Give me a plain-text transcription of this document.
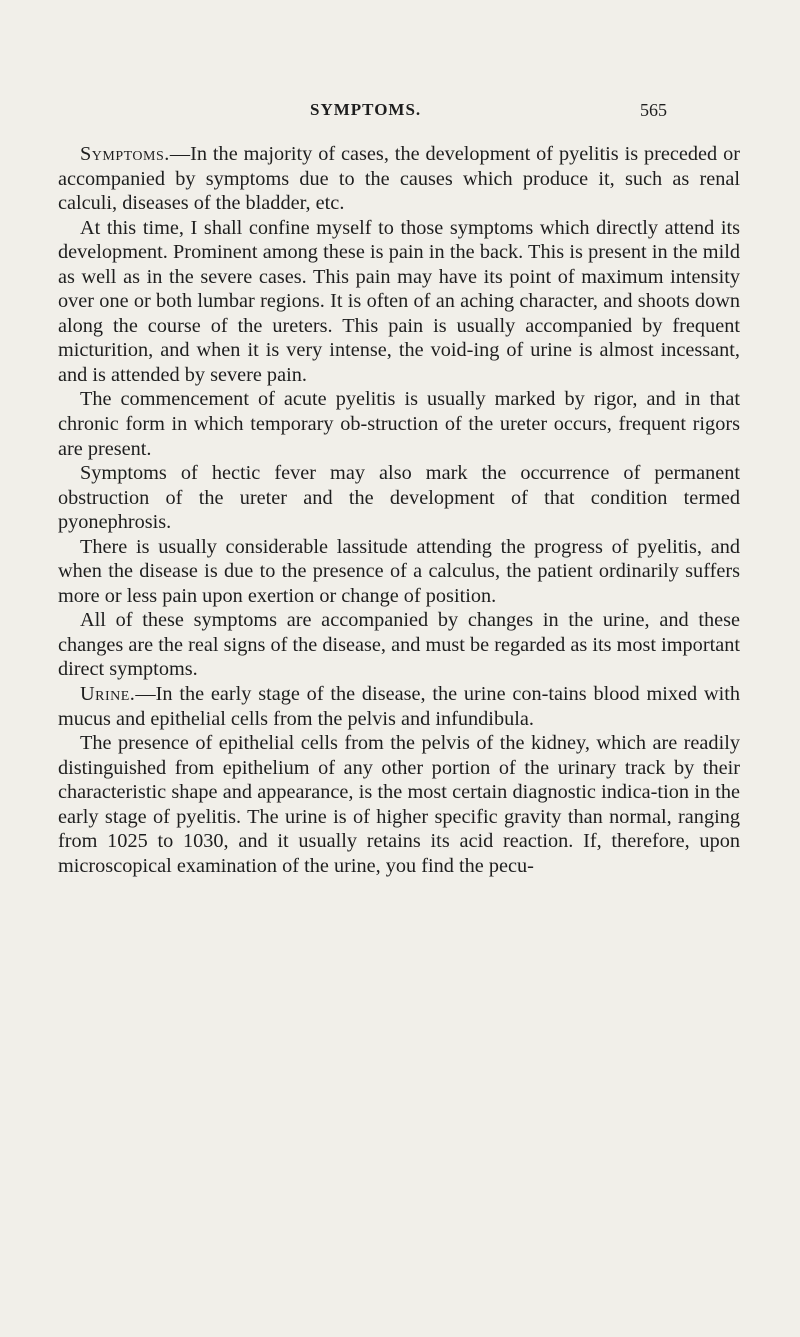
SYMPTOMS.	565

Symptoms.—In the majority of cases, the development of pyelitis is preceded or accompanied by symptoms due to the causes which produce it, such as renal calculi, diseases of the bladder, etc.

At this time, I shall confine myself to those symptoms which directly attend its development. Prominent among these is pain in the back. This is present in the mild as well as in the severe cases. This pain may have its point of maximum intensity over one or both lumbar regions. It is often of an aching character, and shoots down along the course of the ureters. This pain is usually accompanied by frequent micturition, and when it is very intense, the void-ing of urine is almost incessant, and is attended by severe pain.

The commencement of acute pyelitis is usually marked by rigor, and in that chronic form in which temporary ob-struction of the ureter occurs, frequent rigors are present.

Symptoms of hectic fever may also mark the occurrence of permanent obstruction of the ureter and the development of that condition termed pyonephrosis.

There is usually considerable lassitude attending the progress of pyelitis, and when the disease is due to the presence of a calculus, the patient ordinarily suffers more or less pain upon exertion or change of position.

All of these symptoms are accompanied by changes in the urine, and these changes are the real signs of the disease, and must be regarded as its most important direct symptoms.

Urine.—In the early stage of the disease, the urine con-tains blood mixed with mucus and epithelial cells from the pelvis and infundibula.

The presence of epithelial cells from the pelvis of the kidney, which are readily distinguished from epithelium of any other portion of the urinary track by their characteristic shape and appearance, is the most certain diagnostic indica-tion in the early stage of pyelitis. The urine is of higher specific gravity than normal, ranging from 1025 to 1030, and it usually retains its acid reaction. If, therefore, upon microscopical examination of the urine, you find the pecu-
